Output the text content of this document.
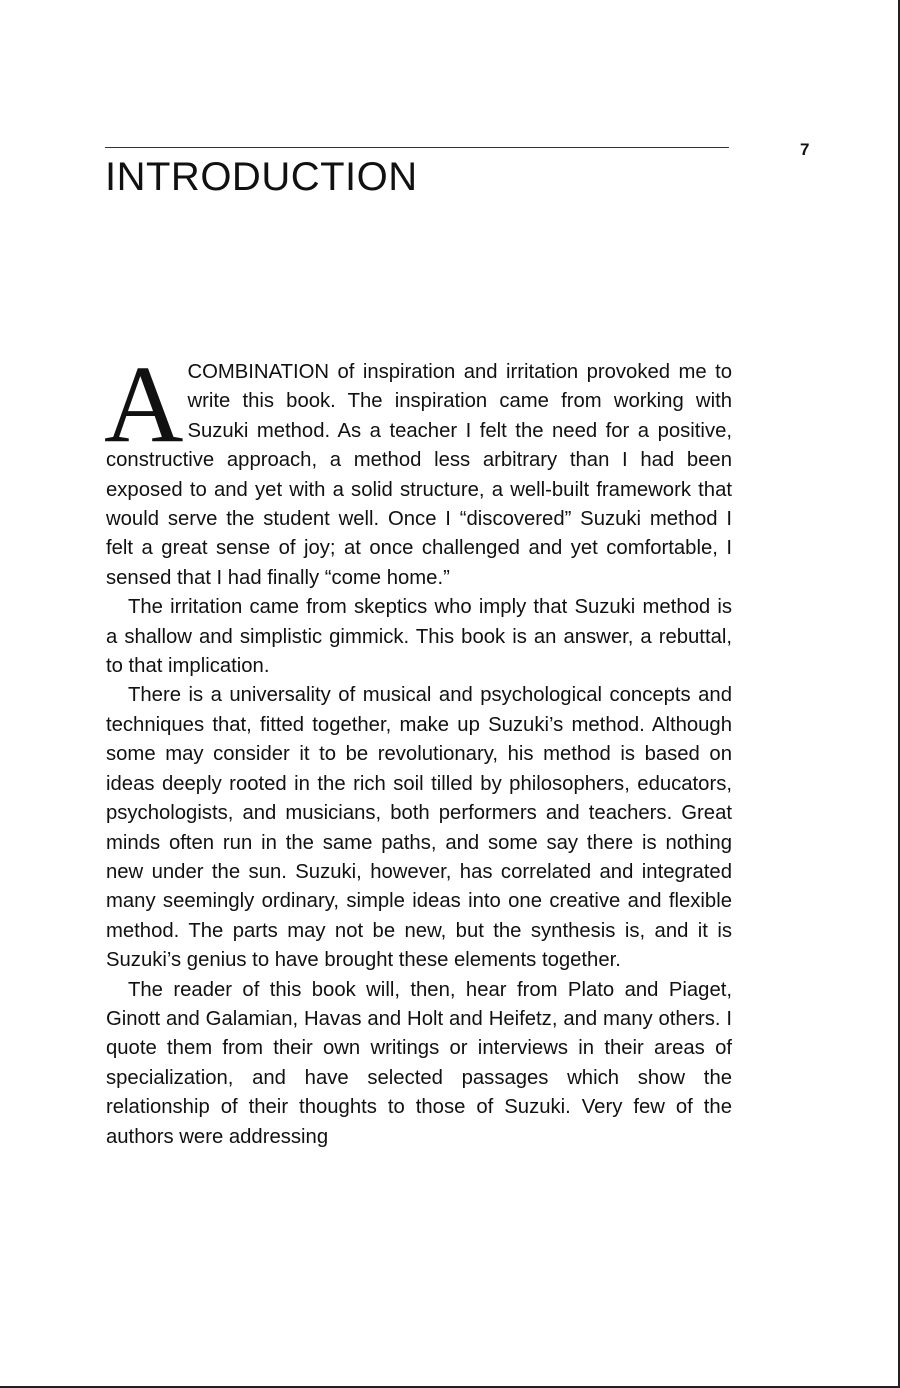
7
INTRODUCTION

A COMBINATION of inspiration and irritation provoked me to write this book. The inspiration came from working with Suzuki method. As a teacher I felt the need for a positive, constructive approach, a method less arbitrary than I had been exposed to and yet with a solid structure, a well-built framework that would serve the student well. Once I “discovered” Suzuki method I felt a great sense of joy; at once challenged and yet comfortable, I sensed that I had finally “come home.”

The irritation came from skeptics who imply that Suzuki method is a shallow and simplistic gimmick. This book is an answer, a rebuttal, to that implication.

There is a universality of musical and psychological concepts and techniques that, fitted together, make up Suzuki’s method. Although some may consider it to be revolutionary, his method is based on ideas deeply rooted in the rich soil tilled by philosophers, educators, psychologists, and musicians, both performers and teachers. Great minds often run in the same paths, and some say there is nothing new under the sun. Suzuki, however, has correlated and integrated many seemingly ordinary, simple ideas into one creative and flexible method. The parts may not be new, but the synthesis is, and it is Suzuki’s genius to have brought these elements together.

The reader of this book will, then, hear from Plato and Piaget, Ginott and Galamian, Havas and Holt and Heifetz, and many others. I quote them from their own writings or interviews in their areas of specialization, and have selected passages which show the relationship of their thoughts to those of Suzuki. Very few of the authors were addressing
